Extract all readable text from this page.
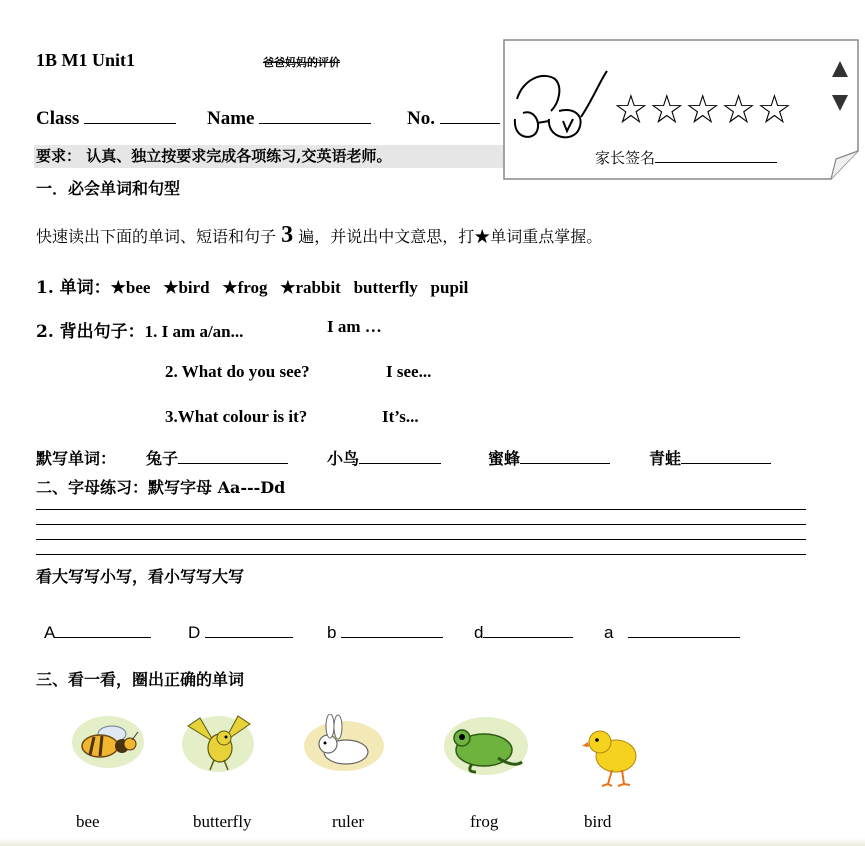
1B M1 Unit1	爸爸妈妈的评价
Class	Name	No.
要求： 认真、独立按要求完成各项练习,交英语老师。
☆☆☆☆☆
家长签名
一．必会单词和句型
快速读出下面的单词、短语和句子 3 遍，并说出中文意思，打★单词重点掌握。
1. 单词：★bee   ★bird   ★frog   ★rabbit   butterfly   pupil
2. 背出句子：1. I am a/an...	I am …
2. What do you see?	I see...
3.What colour is it?	It’s...
默写单词： 兔子	小鸟	蜜蜂	青蛙
二、字母练习：默写字母 Aa---Dd
看大写写小写，看小写写大写
A	D	b	d	a
三、看一看，圈出正确的单词
bee	butterfly	ruler	frog	bird
